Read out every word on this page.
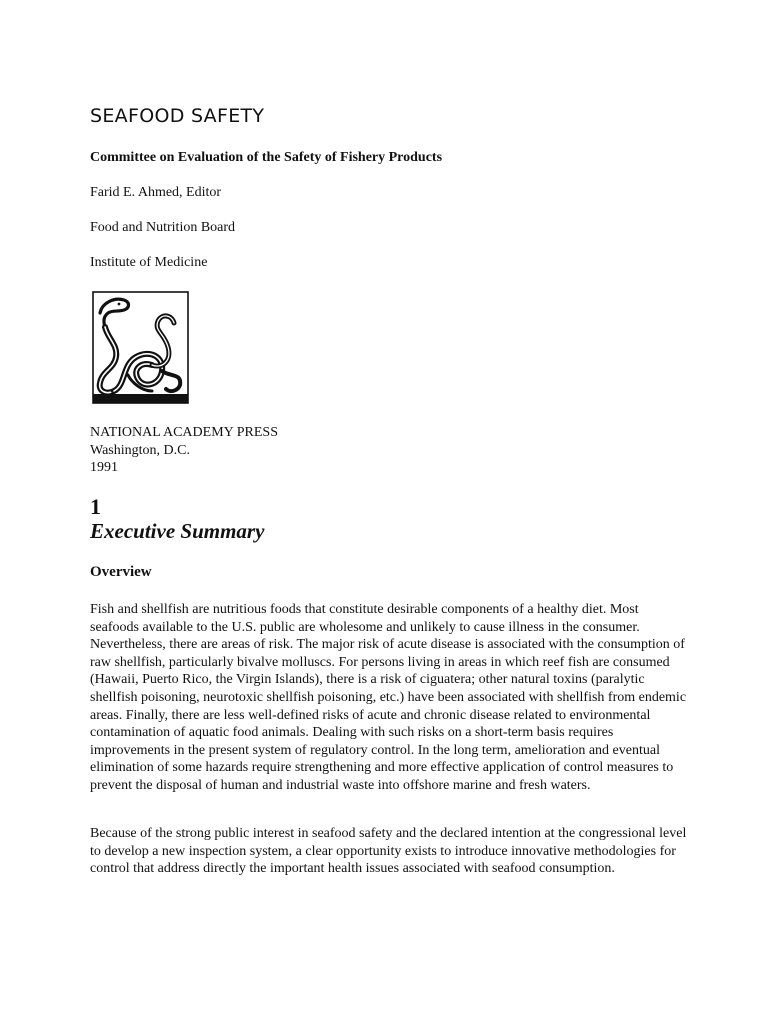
SEAFOOD SAFETY

Committee on Evaluation of the Safety of Fishery Products

Farid E. Ahmed, Editor

Food and Nutrition Board

Institute of Medicine

NATIONAL ACADEMY PRESS
Washington, D.C.
1991
1
Executive Summary
Overview

Fish and shellfish are nutritious foods that constitute desirable components of a healthy diet. Most seafoods available to the U.S. public are wholesome and unlikely to cause illness in the consumer. Nevertheless, there are areas of risk. The major risk of acute disease is associated with the consumption of raw shellfish, particularly bivalve molluscs. For persons living in areas in which reef fish are consumed (Hawaii, Puerto Rico, the Virgin Islands), there is a risk of ciguatera; other natural toxins (paralytic shellfish poisoning, neurotoxic shellfish poisoning, etc.) have been associated with shellfish from endemic areas. Finally, there are less well-defined risks of acute and chronic disease related to environmental contamination of aquatic food animals. Dealing with such risks on a short-term basis requires improvements in the present system of regulatory control. In the long term, amelioration and eventual elimination of some hazards require strengthening and more effective application of control measures to prevent the disposal of human and industrial waste into offshore marine and fresh waters.

Because of the strong public interest in seafood safety and the declared intention at the congressional level to develop a new inspection system, a clear opportunity exists to introduce innovative methodologies for control that address directly the important health issues associated with seafood consumption.
